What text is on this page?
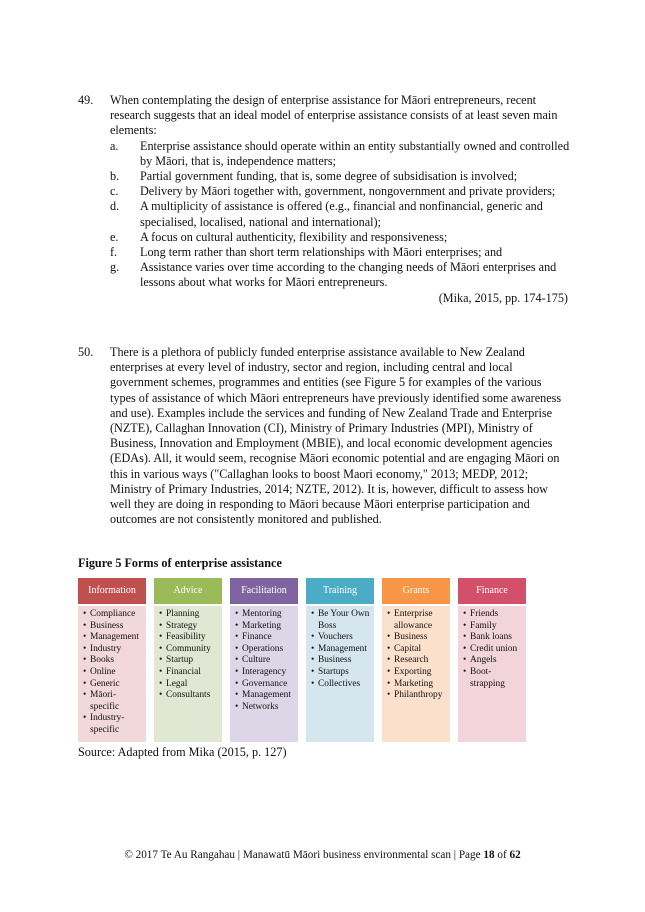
49. When contemplating the design of enterprise assistance for Māori entrepreneurs, recent research suggests that an ideal model of enterprise assistance consists of at least seven main elements:
a. Enterprise assistance should operate within an entity substantially owned and controlled by Māori, that is, independence matters;
b. Partial government funding, that is, some degree of subsidisation is involved;
c. Delivery by Māori together with, government, nongovernment and private providers;
d. A multiplicity of assistance is offered (e.g., financial and nonfinancial, generic and specialised, localised, national and international);
e. A focus on cultural authenticity, flexibility and responsiveness;
f. Long term rather than short term relationships with Māori enterprises; and
g. Assistance varies over time according to the changing needs of Māori enterprises and lessons about what works for Māori entrepreneurs.
(Mika, 2015, pp. 174-175)
50. There is a plethora of publicly funded enterprise assistance available to New Zealand enterprises at every level of industry, sector and region, including central and local government schemes, programmes and entities (see Figure 5 for examples of the various types of assistance of which Māori entrepreneurs have previously identified some awareness and use). Examples include the services and funding of New Zealand Trade and Enterprise (NZTE), Callaghan Innovation (CI), Ministry of Primary Industries (MPI), Ministry of Business, Innovation and Employment (MBIE), and local economic development agencies (EDAs). All, it would seem, recognise Māori economic potential and are engaging Māori on this in various ways ("Callaghan looks to boost Maori economy," 2013; MEDP, 2012; Ministry of Primary Industries, 2014; NZTE, 2012). It is, however, difficult to assess how well they are doing in responding to Māori because Māori enterprise participation and outcomes are not consistently monitored and published.
Figure 5 Forms of enterprise assistance
Information
• Compliance
• Business
• Management
• Industry
• Books
• Online
• Generic
• Māori-specific
• Industry-specific
Advice
• Planning
• Strategy
• Feasibility
• Community
• Startup
• Financial
• Legal
• Consultants
Facilitation
• Mentoring
• Marketing
• Finance
• Operations
• Culture
• Interagency
• Governance
• Management
• Networks
Training
• Be Your Own Boss
• Vouchers
• Management
• Business
• Startups
• Collectives
Grants
• Enterprise allowance
• Business
• Capital
• Research
• Exporting
• Marketing
• Philanthropy
Finance
• Friends
• Family
• Bank loans
• Credit union
• Angels
• Boot-strapping
Source: Adapted from Mika (2015, p. 127)
© 2017 Te Au Rangahau | Manawatū Māori business environmental scan | Page 18 of 62
